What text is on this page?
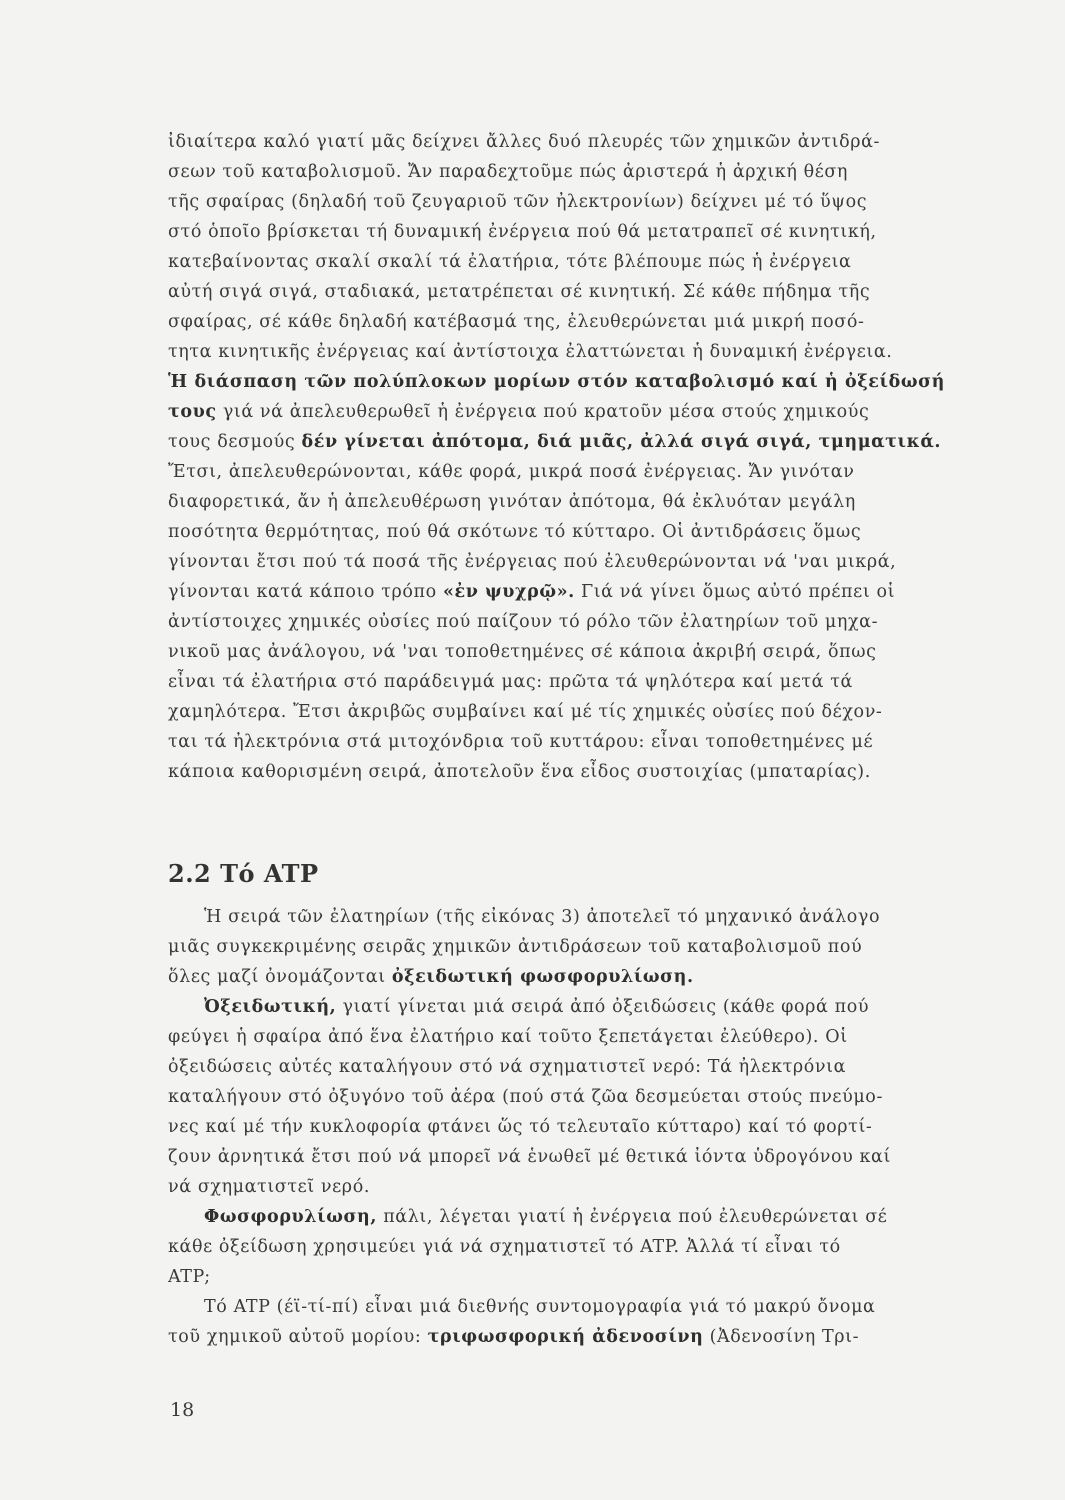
ἰδιαίτερα καλό γιατί μᾶς δείχνει ἄλλες δυό πλευρές τῶν χημικῶν ἀντιδρά-
σεων τοῦ καταβολισμοῦ. Ἄν παραδεχτοῦμε πώς ἀριστερά ἡ ἀρχική θέση
τῆς σφαίρας (δηλαδή τοῦ ζευγαριοῦ τῶν ἠλεκτρονίων) δείχνει μέ τό ὕψος
στό ὁποῖο βρίσκεται τή δυναμική ἐνέργεια πού θά μετατραπεῖ σέ κινητική,
κατεβαίνοντας σκαλί σκαλί τά ἐλατήρια, τότε βλέπουμε πώς ἡ ἐνέργεια
αὐτή σιγά σιγά, σταδιακά, μετατρέπεται σέ κινητική. Σέ κάθε πήδημα τῆς
σφαίρας, σέ κάθε δηλαδή κατέβασμά της, ἐλευθερώνεται μιά μικρή ποσό-
τητα κινητικῆς ἐνέργειας καί ἀντίστοιχα ἐλαττώνεται ἡ δυναμική ἐνέργεια.
Ἡ διάσπαση τῶν πολύπλοκων μορίων στόν καταβολισμό καί ἡ ὀξείδωσή
τους γιά νά ἀπελευθερωθεῖ ἡ ἐνέργεια πού κρατοῦν μέσα στούς χημικούς
τους δεσμούς δέν γίνεται ἀπότομα, διά μιᾶς, ἀλλά σιγά σιγά, τμηματικά.
Ἔτσι, ἀπελευθερώνονται, κάθε φορά, μικρά ποσά ἐνέργειας. Ἄν γινόταν
διαφορετικά, ἄν ἡ ἀπελευθέρωση γινόταν ἀπότομα, θά ἐκλυόταν μεγάλη
ποσότητα θερμότητας, πού θά σκότωνε τό κύτταρο. Οἱ ἀντιδράσεις ὅμως
γίνονται ἔτσι πού τά ποσά τῆς ἐνέργειας πού ἐλευθερώνονται νά 'ναι μικρά,
γίνονται κατά κάποιο τρόπο «ἐν ψυχρῷ». Γιά νά γίνει ὅμως αὐτό πρέπει οἱ
ἀντίστοιχες χημικές οὐσίες πού παίζουν τό ρόλο τῶν ἐλατηρίων τοῦ μηχα-
νικοῦ μας ἀνάλογου, νά 'ναι τοποθετημένες σέ κάποια ἀκριβή σειρά, ὅπως
εἶναι τά ἐλατήρια στό παράδειγμά μας: πρῶτα τά ψηλότερα καί μετά τά
χαμηλότερα. Ἔτσι ἀκριβῶς συμβαίνει καί μέ τίς χημικές οὐσίες πού δέχον-
ται τά ἠλεκτρόνια στά μιτοχόνδρια τοῦ κυττάρου: εἶναι τοποθετημένες μέ
κάποια καθορισμένη σειρά, ἀποτελοῦν ἕνα εἶδος συστοιχίας (μπαταρίας).
2.2 Τό ATP
Ἡ σειρά τῶν ἐλατηρίων (τῆς εἰκόνας 3) ἀποτελεῖ τό μηχανικό ἀνάλογο
μιᾶς συγκεκριμένης σειρᾶς χημικῶν ἀντιδράσεων τοῦ καταβολισμοῦ πού
ὅλες μαζί ὀνομάζονται ὀξειδωτική φωσφορυλίωση.
Ὀξειδωτική, γιατί γίνεται μιά σειρά ἀπό ὀξειδώσεις (κάθε φορά πού
φεύγει ἡ σφαίρα ἀπό ἕνα ἐλατήριο καί τοῦτο ξεπετάγεται ἐλεύθερο). Οἱ
ὀξειδώσεις αὐτές καταλήγουν στό νά σχηματιστεῖ νερό: Τά ἠλεκτρόνια
καταλήγουν στό ὀξυγόνο τοῦ ἀέρα (πού στά ζῶα δεσμεύεται στούς πνεύμο-
νες καί μέ τήν κυκλοφορία φτάνει ὥς τό τελευταῖο κύτταρο) καί τό φορτί-
ζουν ἀρνητικά ἔτσι πού νά μπορεῖ νά ἑνωθεῖ μέ θετικά ἰόντα ὑδρογόνου καί
νά σχηματιστεῖ νερό.
Φωσφορυλίωση, πάλι, λέγεται γιατί ἡ ἐνέργεια πού ἐλευθερώνεται σέ
κάθε ὀξείδωση χρησιμεύει γιά νά σχηματιστεῖ τό ATP. Ἀλλά τί εἶναι τό
ATP;
Τό ATP (έϊ-τί-πί) εἶναι μιά διεθνής συντομογραφία γιά τό μακρύ ὄνομα
τοῦ χημικοῦ αὐτοῦ μορίου: τριφωσφορική ἀδενοσίνη (Ἀδενοσίνη Τρι-
18
